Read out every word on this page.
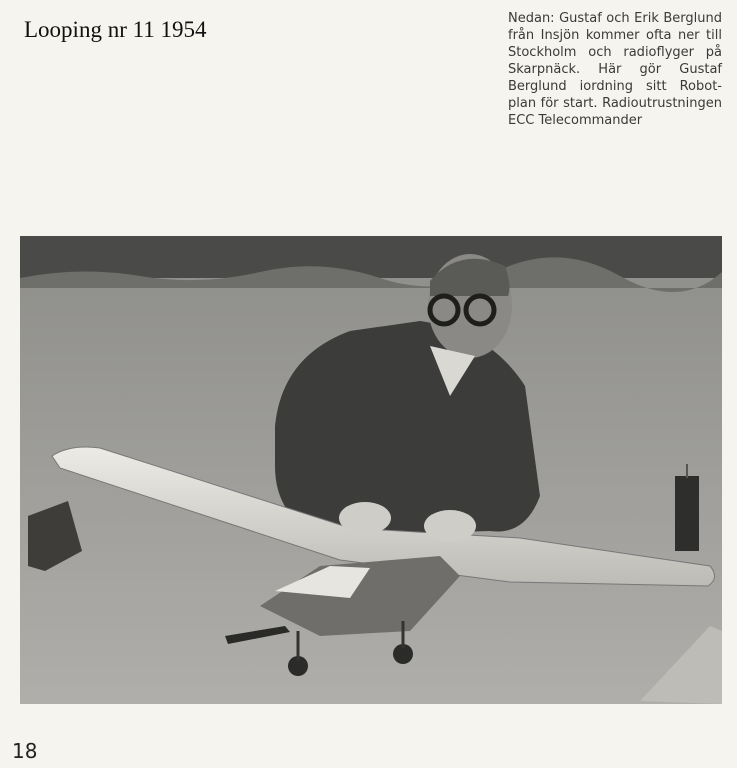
Looping nr 11 1954	Nedan: Gustaf och Erik Berglund från Insjön kommer ofta ner till Stockholm och radioflyger på Skarpnäck. Här gör Gustaf Berglund iordning sitt Robot-plan för start. Radioutrustningen ECC Telecommander
18
